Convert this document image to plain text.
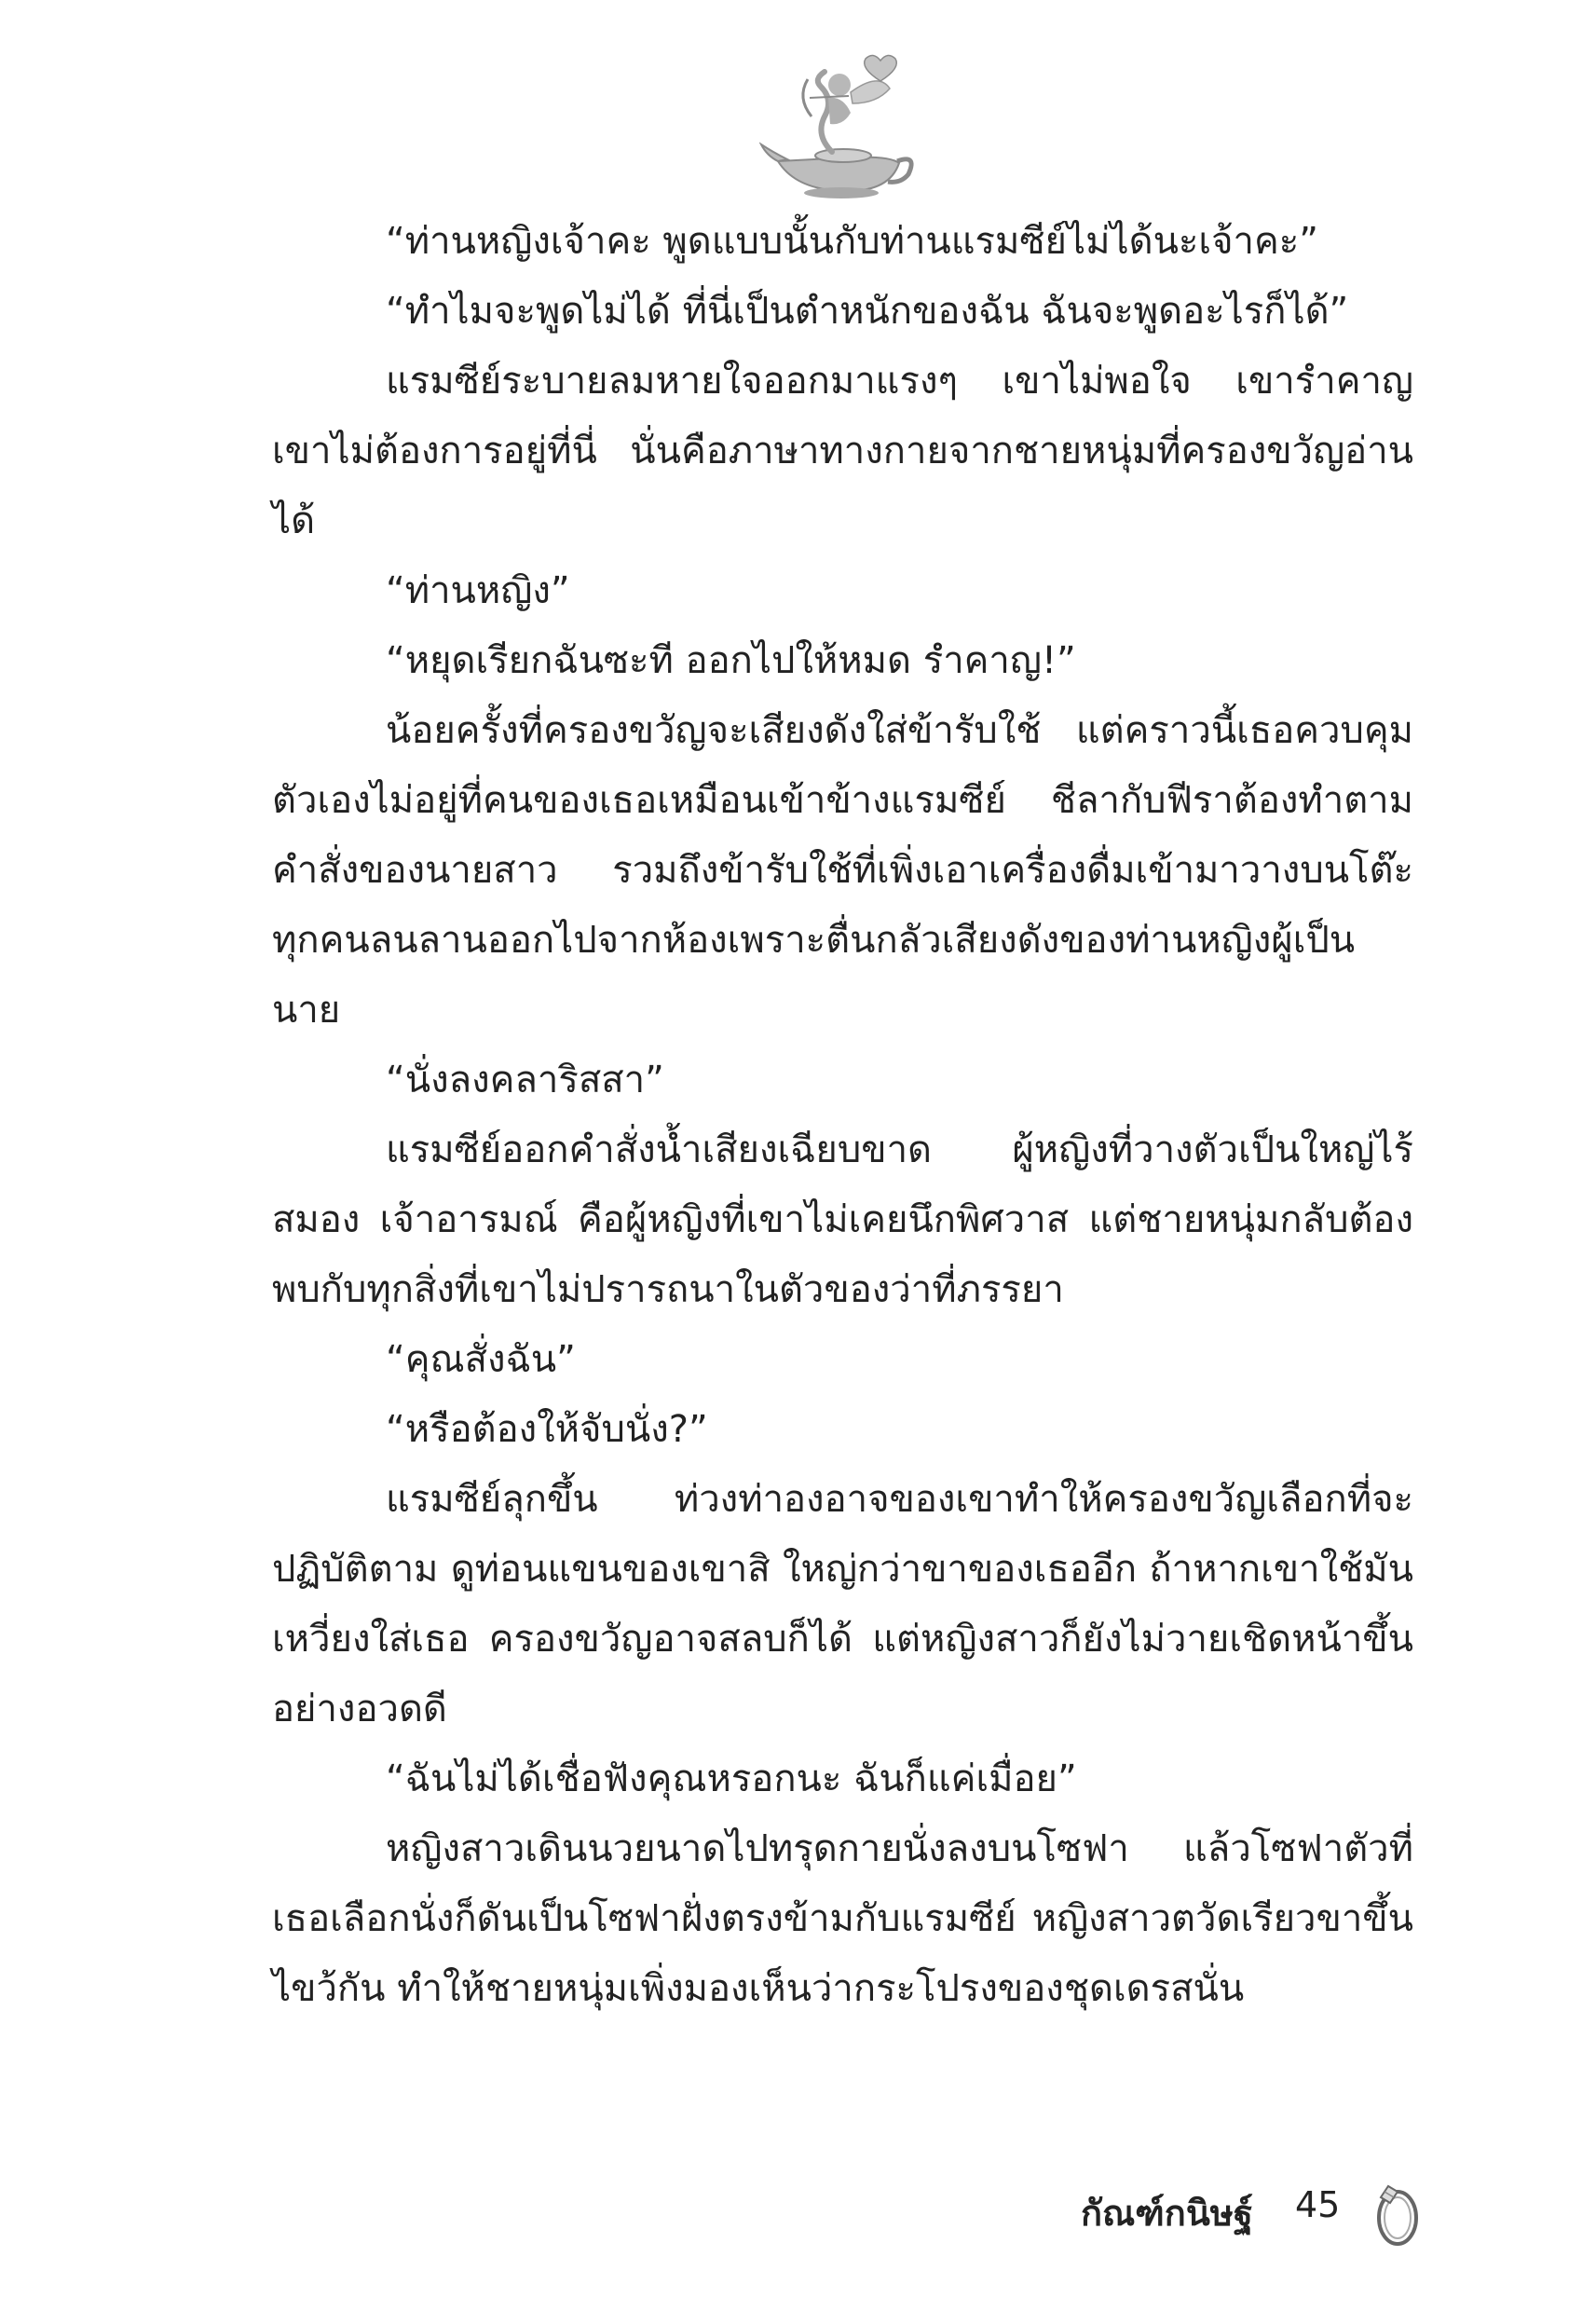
“ท่านหญิงเจ้าคะ พูดแบบนั้นกับท่านแรมซีย์ไม่ได้นะเจ้าคะ”

“ทำไมจะพูดไม่ได้ ที่นี่เป็นตำหนักของฉัน ฉันจะพูดอะไรก็ได้”

แรมซีย์ระบายลมหายใจออกมาแรงๆ เขาไม่พอใจ เขารำคาญ เขาไม่ต้องการอยู่ที่นี่ นั่นคือภาษาทางกายจากชายหนุ่มที่ครองขวัญอ่านได้

“ท่านหญิง”

“หยุดเรียกฉันซะที ออกไปให้หมด รำคาญ!”

น้อยครั้งที่ครองขวัญจะเสียงดังใส่ข้ารับใช้ แต่คราวนี้เธอควบคุมตัวเองไม่อยู่ที่คนของเธอเหมือนเข้าข้างแรมซีย์ ชีลากับฟีราต้องทำตามคำสั่งของนายสาว รวมถึงข้ารับใช้ที่เพิ่งเอาเครื่องดื่มเข้ามาวางบนโต๊ะทุกคนลนลานออกไปจากห้องเพราะตื่นกลัวเสียงดังของท่านหญิงผู้เป็นนาย

“นั่งลงคลาริสสา”

แรมซีย์ออกคำสั่งน้ำเสียงเฉียบขาด ผู้หญิงที่วางตัวเป็นใหญ่ไร้สมอง เจ้าอารมณ์ คือผู้หญิงที่เขาไม่เคยนึกพิศวาส แต่ชายหนุ่มกลับต้องพบกับทุกสิ่งที่เขาไม่ปรารถนาในตัวของว่าที่ภรรยา

“คุณสั่งฉัน”

“หรือต้องให้จับนั่ง?”

แรมซีย์ลุกขึ้น ท่วงท่าองอาจของเขาทำให้ครองขวัญเลือกที่จะปฏิบัติตาม ดูท่อนแขนของเขาสิ ใหญ่กว่าขาของเธออีก ถ้าหากเขาใช้มันเหวี่ยงใส่เธอ ครองขวัญอาจสลบก็ได้ แต่หญิงสาวก็ยังไม่วายเชิดหน้าขึ้นอย่างอวดดี

“ฉันไม่ได้เชื่อฟังคุณหรอกนะ ฉันก็แค่เมื่อย”

หญิงสาวเดินนวยนาดไปทรุดกายนั่งลงบนโซฟา แล้วโซฟาตัวที่เธอเลือกนั่งก็ดันเป็นโซฟาฝั่งตรงข้ามกับแรมซีย์ หญิงสาวตวัดเรียวขาขึ้นไขว้กัน ทำให้ชายหนุ่มเพิ่งมองเห็นว่ากระโปรงของชุดเดรสนั่น

กัณฑ์กนิษฐ์ 45
